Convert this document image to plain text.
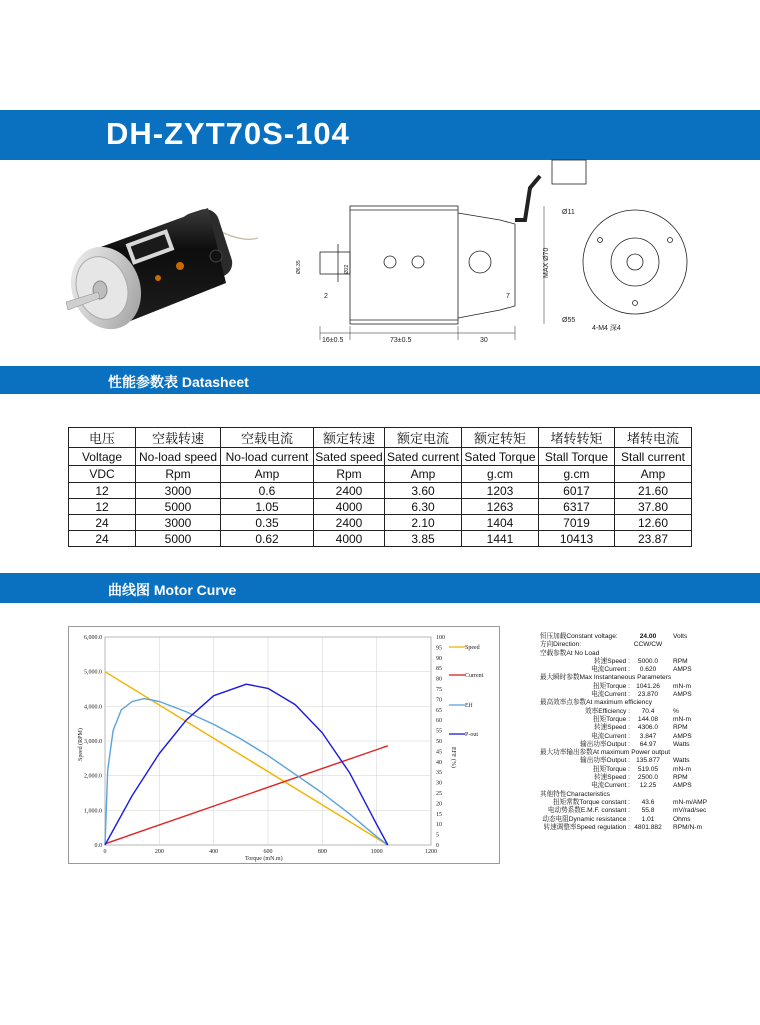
DH-ZYT70S-104
16±0.5	73±0.5	30
MAX Ø70
Ø11
Ø55
4-M4 深4
2	7
Ø6.35	Ø22
性能参数表 Datasheet
电压	空载转速	空载电流	额定转速	额定电流	额定转矩	堵转转矩	堵转电流
Voltage	No-load speed	No-load current	Sated speed	Sated current	Sated Torque	Stall Torque	Stall current
VDC	Rpm	Amp	Rpm	Amp	g.cm	g.cm	Amp
12	3000	0.6	2400	3.60	1203	6017	21.60
12	5000	1.05	4000	6.30	1263	6317	37.80
24	3000	0.35	2400	2.10	1404	7019	12.60
24	5000	0.62	4000	3.85	1441	10413	23.87
曲线图 Motor Curve
0	200	400	600	800	1000	1200
0.0
1,000.0
2,000.0
3,000.0
4,000.0
5,000.0
6,000.0
0
5
10
15
20
25
30
35
40
45
50
55
60
65
70
75
80
85
90
95
100
Torque (mN.m)
Speed (RPM)	EFF (%)
Speed
Current
Eff
P-out
恒压加载Constant voltage:	24.00	Volts
方向Direction:	CCW/CW
空载参数At No Load
转速Speed :	5000.0	RPM
电流Current :	0.620	AMPS
最大瞬时参数Max Instantaneous Parameters
扭矩Torque : 1041.26	mN-m
电流Current :	23.870	AMPS
最高效率点参数At maximum efficiency
效率Efficiency :	70.4	%
扭矩Torque :	144.08	mN-m
转速Speed :	4306.0	RPM
电流Current :	3.847	AMPS
输出功率Output :	64.97	Watts
最大功率输出参数At maximum Power output
输出功率Output : 135.877	Watts
扭矩Torque :	519.05	mN-m
转速Speed :	2500.0	RPM
电流Current :	12.25	AMPS
其他特性Characteristics
扭矩常数Torque constant :	43.6	mN-m/AMP
电动势系数E.M.F. constant :	55.8	mV/rad/sec
动态电阻Dynamic resistance :	1.01	Ohms
转速调整率Speed regulation : 4801.882 RPM/N-m
